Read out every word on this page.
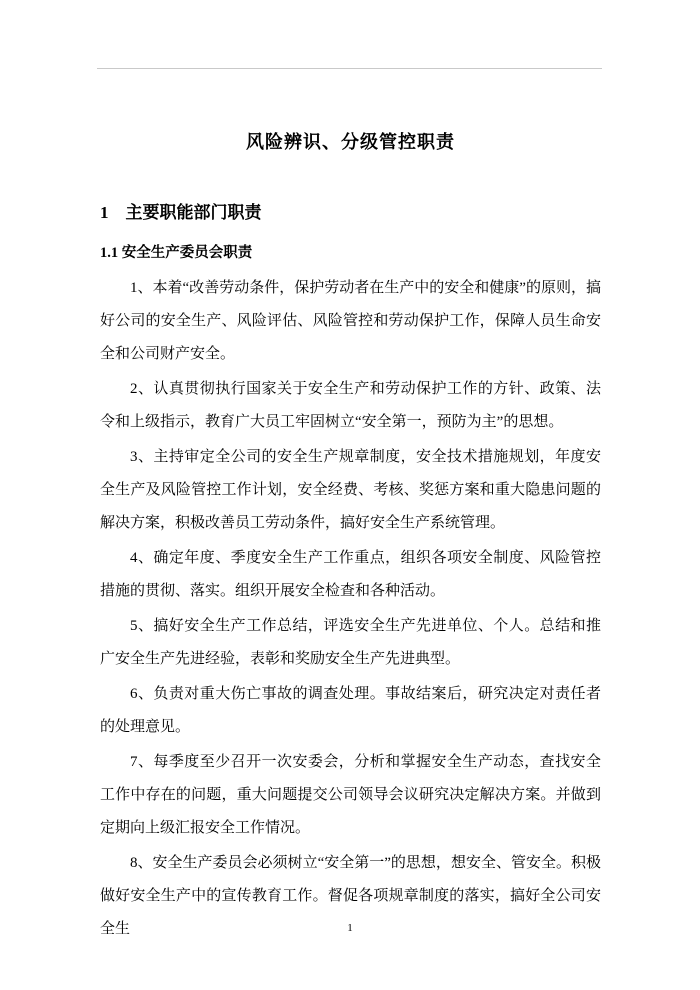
风险辨识、分级管控职责
1　主要职能部门职责
1.1 安全生产委员会职责

1、本着“改善劳动条件，保护劳动者在生产中的安全和健康”的原则，搞好公司的安全生产、风险评估、风险管控和劳动保护工作，保障人员生命安全和公司财产安全。

2、认真贯彻执行国家关于安全生产和劳动保护工作的方针、政策、法令和上级指示，教育广大员工牢固树立“安全第一，预防为主”的思想。

3、主持审定全公司的安全生产规章制度，安全技术措施规划，年度安全生产及风险管控工作计划，安全经费、考核、奖惩方案和重大隐患问题的解决方案，积极改善员工劳动条件，搞好安全生产系统管理。

4、确定年度、季度安全生产工作重点，组织各项安全制度、风险管控措施的贯彻、落实。组织开展安全检查和各种活动。

5、搞好安全生产工作总结，评选安全生产先进单位、个人。总结和推广安全生产先进经验，表彰和奖励安全生产先进典型。

6、负责对重大伤亡事故的调查处理。事故结案后，研究决定对责任者的处理意见。

7、每季度至少召开一次安委会，分析和掌握安全生产动态，查找安全工作中存在的问题，重大问题提交公司领导会议研究决定解决方案。并做到定期向上级汇报安全工作情况。

8、安全生产委员会必须树立“安全第一”的思想，想安全、管安全。积极做好安全生产中的宣传教育工作。督促各项规章制度的落实，搞好全公司安全生	1
